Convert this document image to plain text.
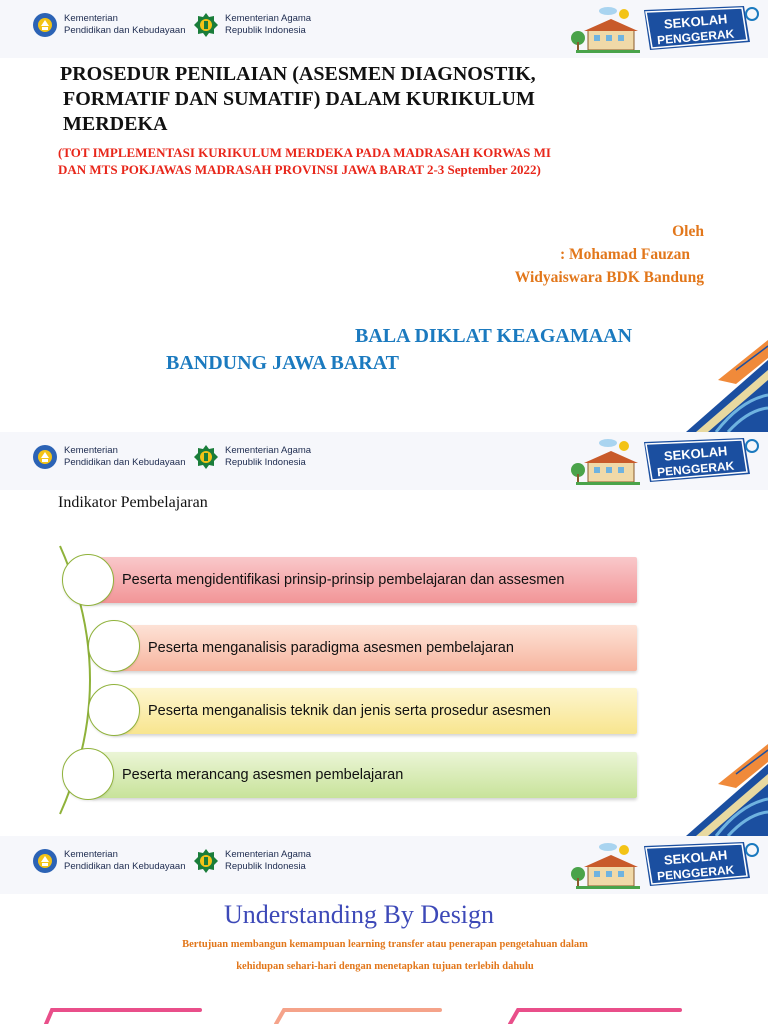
Kementerian
Pendidikan dan Kebudayaan
Kementerian Agama
Republik Indonesia	SEKOLAH
PENGGERAK
PROSEDUR PENILAIAN (ASESMEN DIAGNOSTIK,
FORMATIF DAN SUMATIF) DALAM KURIKULUM
MERDEKA
(TOT IMPLEMENTASI KURIKULUM MERDEKA PADA MADRASAH KORWAS MI
DAN MTS POKJAWAS MADRASAH PROVINSI JAWA BARAT 2-3 September 2022)
Oleh
: Mohamad Fauzan
Widyaiswara BDK Bandung
BALA DIKLAT KEAGAMAAN
BANDUNG JAWA BARAT
Kementerian
Pendidikan dan Kebudayaan
Kementerian Agama
Republik Indonesia	SEKOLAH
PENGGERAK
Indikator Pembelajaran
Peserta mengidentifikasi prinsip-prinsip pembelajaran dan assesmen
Peserta menganalisis paradigma asesmen pembelajaran
Peserta menganalisis teknik dan jenis serta prosedur asesmen
Peserta merancang asesmen pembelajaran
Kementerian
Pendidikan dan Kebudayaan
Kementerian Agama
Republik Indonesia	SEKOLAH
PENGGERAK
Understanding By Design
Bertujuan membangun kemampuan learning transfer atau penerapan pengetahuan dalam
kehidupan sehari-hari dengan menetapkan tujuan terlebih dahulu
